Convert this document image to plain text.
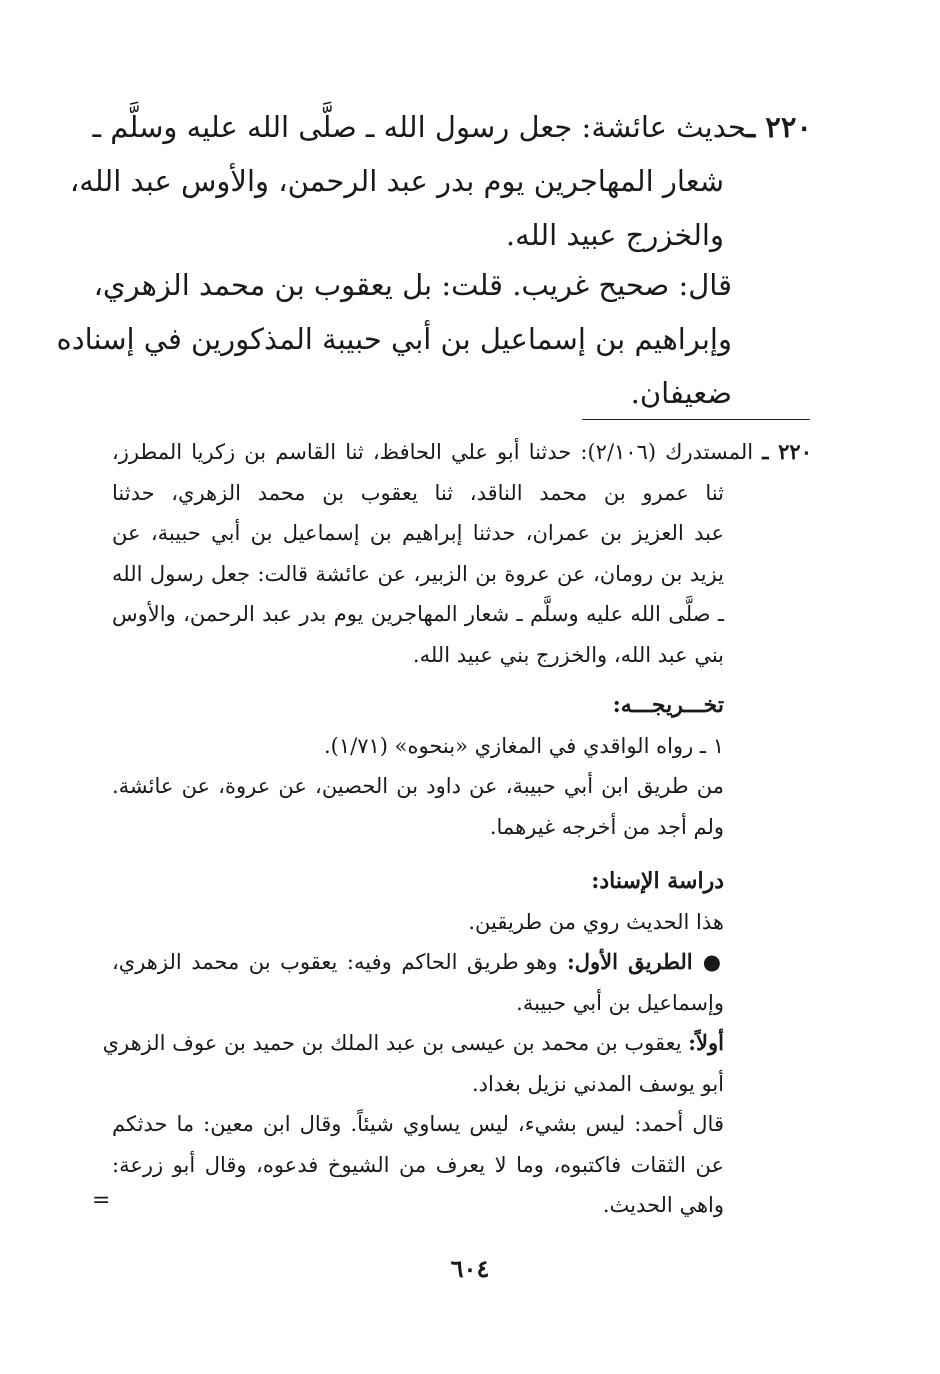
٢٢٠ ـحديث عائشة: جعل رسول الله ـ صلَّى الله عليه وسلَّم ـ
شعار المهاجرين يوم بدر عبد الرحمن، والأوس عبد الله،
والخزرج عبيد الله.
قال: صحيح غريب. قلت: بل يعقوب بن محمد الزهري،
وإبراهيم بن إسماعيل بن أبي حبيبة المذكورين في إسناده
ضعيفان.
٢٢٠ ـ المستدرك (٢/١٠٦): حدثنا أبو علي الحافظ، ثنا القاسم بن زكريا المطرز،
ثنا عمرو بن محمد الناقد، ثنا يعقوب بن محمد الزهري، حدثنا
عبد العزيز بن عمران، حدثنا إبراهيم بن إسماعيل بن أبي حبيبة، عن
يزيد بن رومان، عن عروة بن الزبير، عن عائشة قالت: جعل رسول الله
ـ صلَّى الله عليه وسلَّم ـ شعار المهاجرين يوم بدر عبد الرحمن، والأوس
بني عبد الله، والخزرج بني عبيد الله.
تخـــريجـــه:
١ ـ رواه الواقدي في المغازي «بنحوه» (١/٧١).
من طريق ابن أبي حبيبة، عن داود بن الحصين، عن عروة، عن عائشة.
ولم أجد من أخرجه غيرهما.
دراسة الإسناد:
هذا الحديث روي من طريقين.
● الطريق الأول: وهو طريق الحاكم وفيه: يعقوب بن محمد الزهري،
وإسماعيل بن أبي حبيبة.
أولاً: يعقوب بن محمد بن عيسى بن عبد الملك بن حميد بن عوف الزهري
أبو يوسف المدني نزيل بغداد.
قال أحمد: ليس بشيء، ليس يساوي شيئاً. وقال ابن معين: ما حدثكم
عن الثقات فاكتبوه، وما لا يعرف من الشيوخ فدعوه، وقال أبو زرعة:
واهي الحديث.
=
٦٠٤
